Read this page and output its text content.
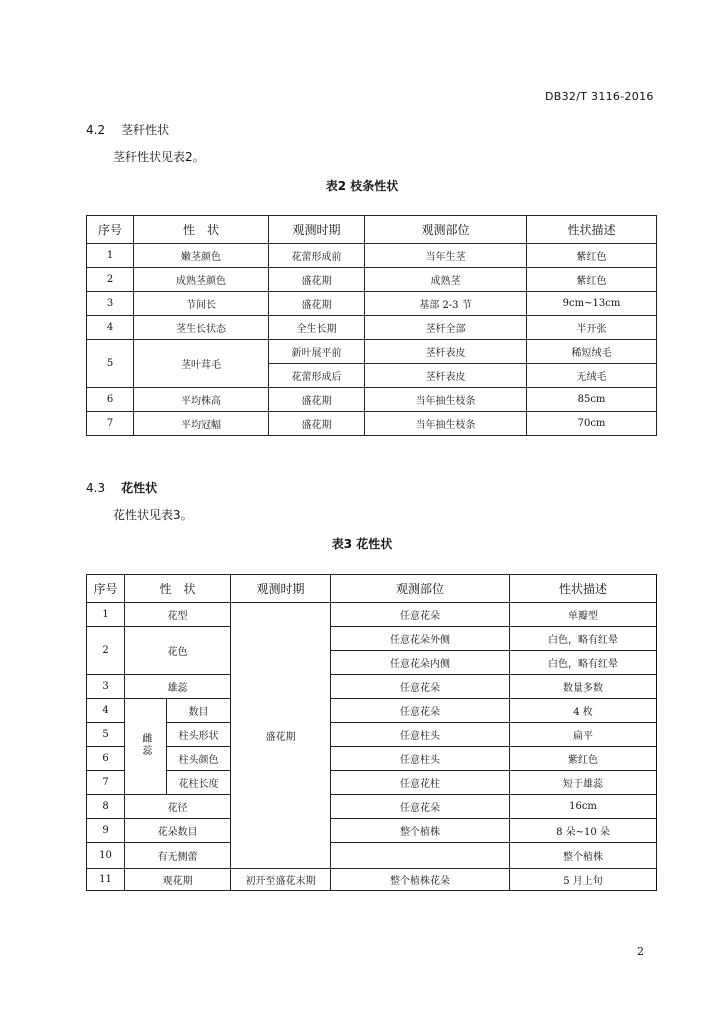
DB32/T 3116-2016
4.2 茎秆性状
茎秆性状见表2。
表2 枝条性状
序号	性　状	观测时期	观测部位	性状描述
1	嫩茎颜色	花蕾形成前	当年生茎	紫红色
2	成熟茎颜色	盛花期	成熟茎	紫红色
3	节间长	盛花期	基部 2-3 节	9cm~13cm
4	茎生长状态	全生长期	茎杆全部	半开张
5	茎叶茸毛	新叶展平前	茎杆表皮	稀短绒毛
		花蕾形成后	茎杆表皮	无绒毛
6	平均株高	盛花期	当年抽生枝条	85cm
7	平均冠幅	盛花期	当年抽生枝条	70cm
4.3 花性状
花性状见表3。
表3 花性状
序号	性　状		观测时期	观测部位	性状描述	
1	花型		盛花期	任意花朵	单瓣型	
2	花色			任意花朵外侧	白色，略有红晕	
				任意花朵内侧	白色，略有红晕	
3	雄蕊			任意花朵	数量多数	
4	雌蕊	数目		任意花朵	4 枚	
5		柱头形状		任意柱头	扁平	
6		柱头颜色		任意柱头	紫红色	
7		花柱长度		任意花柱	短于雄蕊	
8	花径			任意花朵	16cm	
9	花朵数目			整个植株	8 朵~10 朵	
10	有无侧蕾				整个植株	
11	观花期		初开至盛花末期	整个植株花朵	5 月上旬	
2
